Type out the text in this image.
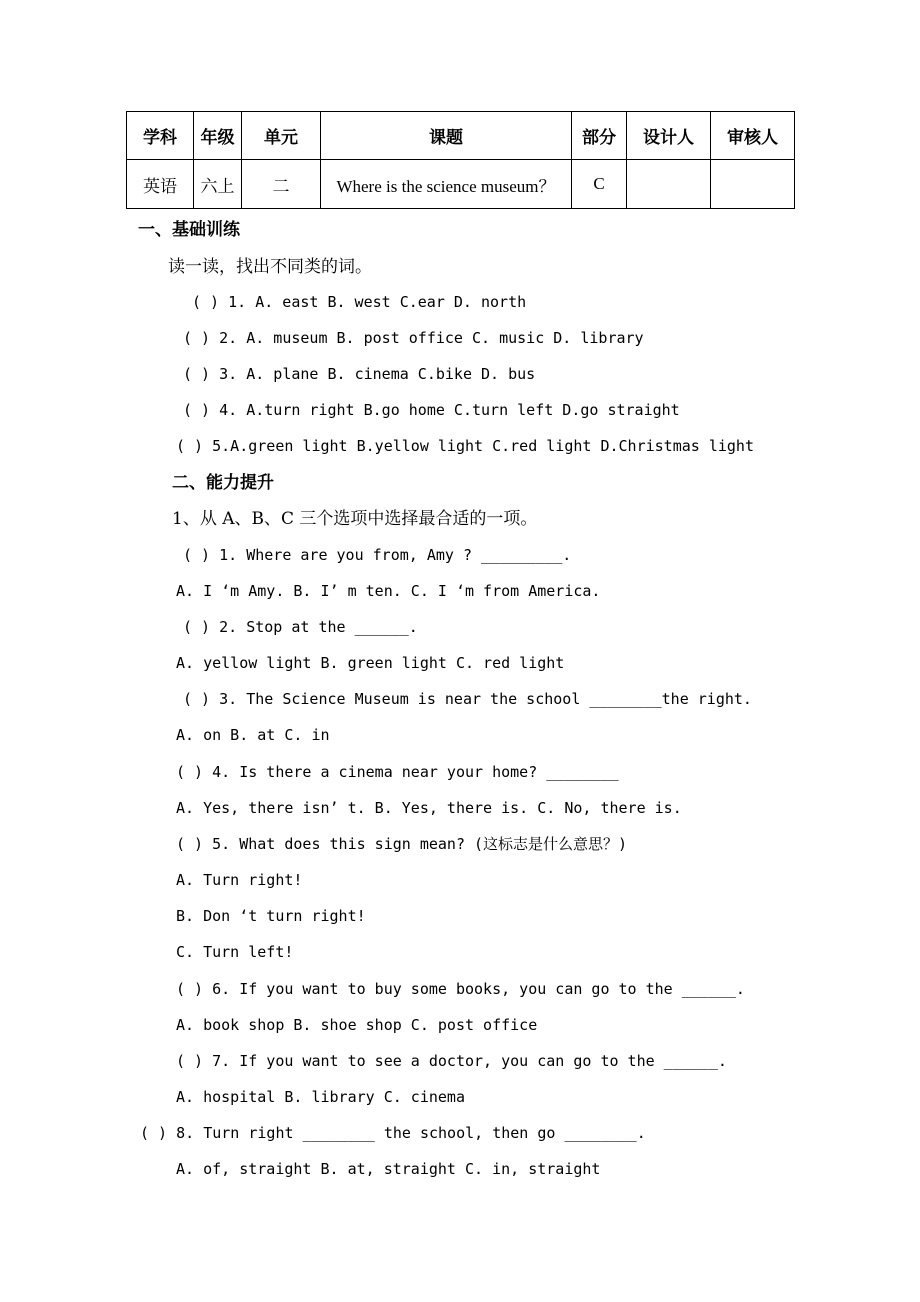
学科	年级	单元	课题	部分	设计人	审核人
英语	六上	二	Where is the science museum？	C		
一、基础训练
读一读，找出不同类的词。
( ) 1. A. east B. west C.ear D. north
( ) 2. A. museum B. post office C. music D. library
( ) 3. A. plane B. cinema C.bike D. bus
( ) 4. A.turn right B.go home C.turn left D.go straight
( ) 5.A.green light B.yellow light C.red light D.Christmas light
二、能力提升
1、从 A、B、C 三个选项中选择最合适的一项。
( ) 1. Where are you from, Amy ? _________.
A. I ‘m Amy. B. I’ m ten. C. I ‘m from America.
( ) 2. Stop at the ______.
A. yellow light B. green light C. red light
( ) 3. The Science Museum is near the school ________the right.
A. on B. at C. in
( ) 4. Is there a cinema near your home? ________
A. Yes, there isn’ t. B. Yes, there is. C. No, there is.
( ) 5. What does this sign mean? (这标志是什么意思？)
A. Turn right!
B. Don ‘t turn right!
C. Turn left!
( ) 6. If you want to buy some books, you can go to the ______.
A. book shop B. shoe shop C. post office
( ) 7. If you want to see a doctor, you can go to the ______.
A. hospital B. library C. cinema
( ) 8. Turn right ________ the school, then go ________.
A. of, straight B. at, straight C. in, straight
